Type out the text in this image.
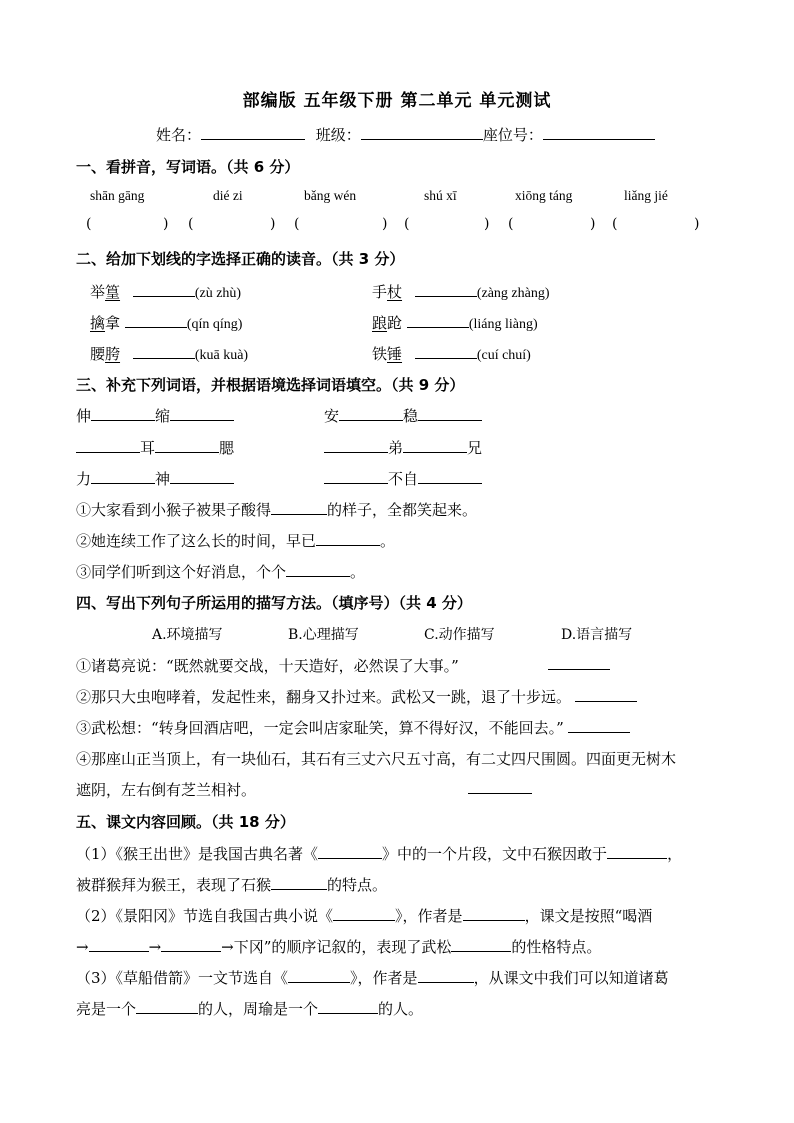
部编版 五年级下册 第二单元 单元测试
姓名：	班级：	座位号：
一、看拼音，写词语。（共 6 分）
shān gāng	dié zi	bǎng wén	shú xī	xiōng táng	liǎng jié
(	) (	) (	) (	) (	) (	)
二、给加下划线的字选择正确的读音。（共 3 分）
举篁	(zù zhù)	手杖	(zàng zhàng)
擒拿	(qín qíng)	踉跄	(liáng liàng)
腰胯	(kuā kuà)	铁锤	(cuí chuí)
三、补充下列词语，并根据语境选择词语填空。（共 9 分）
伸	缩	安	稳
耳	腮	弟	兄
力	神	不自
①大家看到小猴子被果子酸得	的样子，全都笑起来。
②她连续工作了这么长的时间，早已	。
③同学们听到这个好消息，个个	。
四、写出下列句子所运用的描写方法。（填序号）（共 4 分）
A.环境描写	B.心理描写	C.动作描写	D.语言描写
①诸葛亮说：“既然就要交战，十天造好，必然误了大事。”
②那只大虫咆哮着，发起性来，翻身又扑过来。武松又一跳，退了十步远。
③武松想：“转身回酒店吧，一定会叫店家耻笑，算不得好汉，不能回去。”
④那座山正当顶上，有一块仙石，其石有三丈六尺五寸高，有二丈四尺围圆。四面更无树木
遮阴，左右倒有芝兰相衬。
五、课文内容回顾。（共 18 分）
（1）《猴王出世》是我国古典名著《	》中的一个片段，文中石猴因敢于	，
被群猴拜为猴王，表现了石猴	的特点。
（2）《景阳冈》节选自我国古典小说《	》，作者是	，课文是按照“喝酒
→	→	→下冈”的顺序记叙的，表现了武松	的性格特点。
（3）《草船借箭》一文节选自《	》，作者是	，从课文中我们可以知道诸葛
亮是一个	的人，周瑜是一个	的人。
